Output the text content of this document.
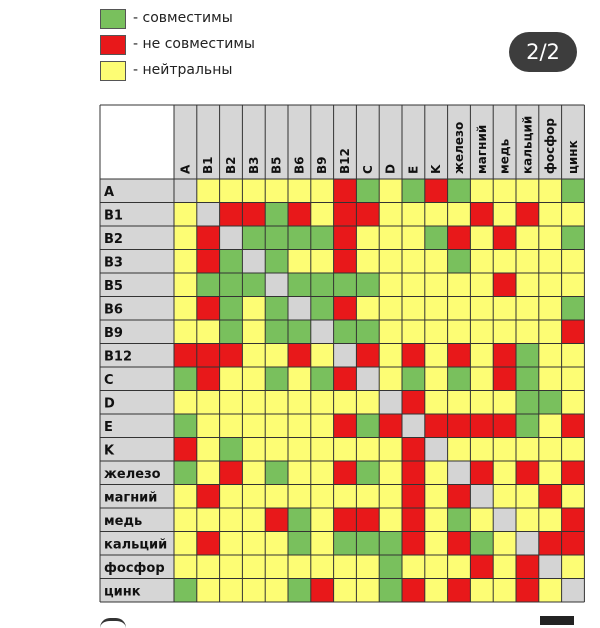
- совместимы
- не совместимы
- нейтральны
2/2
A B1 B2 B3 B5 B6 B9 B12 C D E K железо магний медь кальций фосфор цинк
A
B1
B2
B3
B5
B6
B9
B12
C
D
E
K
железо
магний
медь
кальций
фосфор
цинк
